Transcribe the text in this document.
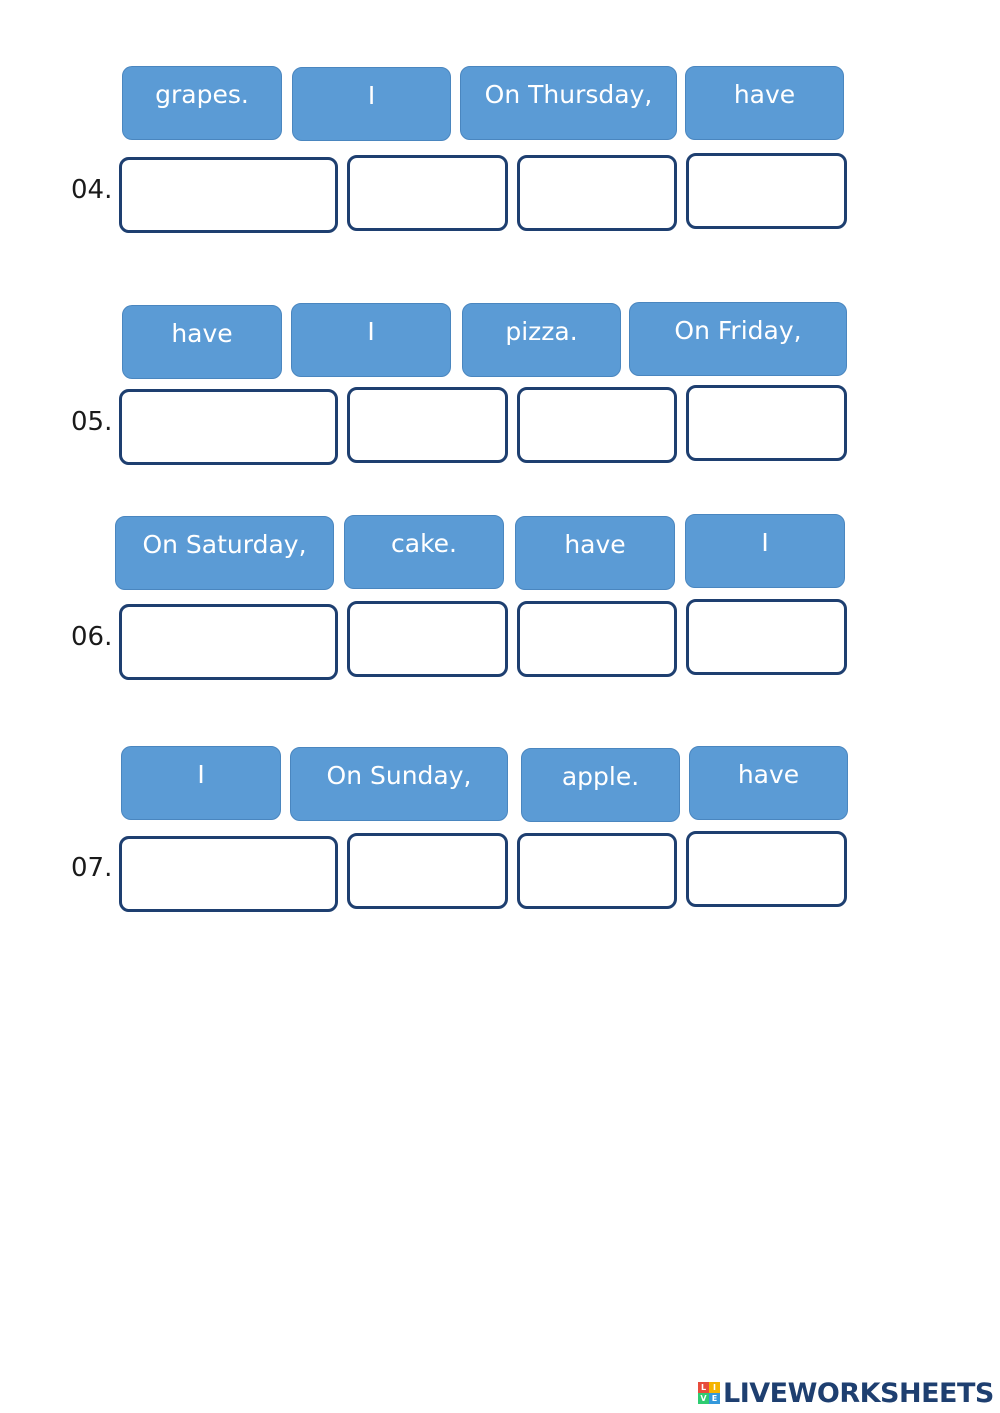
grapes.	I	On Thursday,	have
04.
have	I	pizza.	On Friday,
05.
On Saturday,	cake.	have	I
06.
I	On Sunday,	apple.	have
07.
L I
V E LIVEWORKSHEETS
